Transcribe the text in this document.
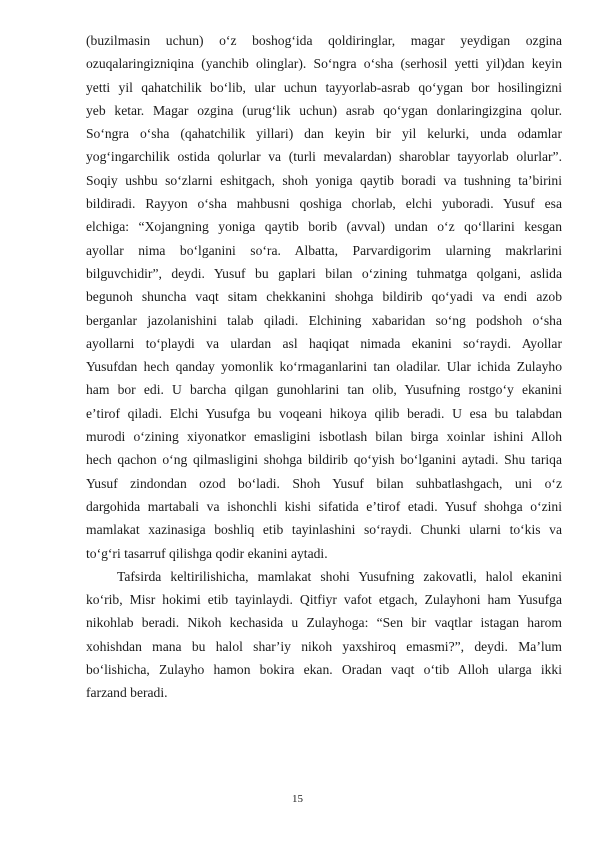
(buzilmasin uchun) oʻz boshogʻida qoldiringlar, magar yeydigan ozgina
ozuqalaringizniqina (yanchib olinglar). Soʻngra oʻsha (serhosil yetti yil)dan keyin
yetti yil qahatchilik boʻlib, ular uchun tayyorlab-asrab qoʻygan bor hosilingizni
yeb ketar. Magar ozgina (urugʻlik uchun) asrab qoʻygan donlaringizgina qolur.
Soʻngra oʻsha (qahatchilik yillari) dan keyin bir yil kelurki, unda odamlar
yogʻingarchilik ostida qolurlar va (turli mevalardan) sharoblar tayyorlab olurlar”.
Soqiy ushbu soʻzlarni eshitgach, shoh yoniga qaytib boradi va tushning taʼbirini
bildiradi. Rayyon oʻsha mahbusni qoshiga chorlab, elchi yuboradi. Yusuf esa
elchiga: “Xojangning yoniga qaytib borib (avval) undan oʻz qoʻllarini kesgan
ayollar nima boʻlganini soʻra. Albatta, Parvardigorim ularning makrlarini
bilguvchidir”, deydi. Yusuf bu gaplari bilan oʻzining tuhmatga qolgani, aslida
begunoh shuncha vaqt sitam chekkanini shohga bildirib qoʻyadi va endi azob
berganlar jazolanishini talab qiladi. Elchining xabaridan soʻng podshoh oʻsha
ayollarni toʻplaydi va ulardan asl haqiqat nimada ekanini soʻraydi. Ayollar
Yusufdan hech qanday yomonlik koʻrmaganlarini tan oladilar. Ular ichida Zulayho
ham bor edi. U barcha qilgan gunohlarini tan olib, Yusufning rostgoʻy ekanini
eʼtirof qiladi. Elchi Yusufga bu voqeani hikoya qilib beradi. U esa bu talabdan
murodi oʻzining xiyonatkor emasligini isbotlash bilan birga xoinlar ishini Alloh
hech qachon oʻng qilmasligini shohga bildirib qoʻyish boʻlganini aytadi. Shu tariqa
Yusuf zindondan ozod boʻladi. Shoh Yusuf bilan suhbatlashgach, uni oʻz
dargohida martabali va ishonchli kishi sifatida eʼtirof etadi. Yusuf shohga oʻzini
mamlakat xazinasiga boshliq etib tayinlashini soʻraydi. Chunki ularni toʻkis va
toʻgʻri tasarruf qilishga qodir ekanini aytadi.
Tafsirda keltirilishicha, mamlakat shohi Yusufning zakovatli, halol ekanini
koʻrib, Misr hokimi etib tayinlaydi. Qitfiyr vafot etgach, Zulayhoni ham Yusufga
nikohlab beradi. Nikoh kechasida u Zulayhoga: “Sen bir vaqtlar istagan harom
xohishdan mana bu halol sharʼiy nikoh yaxshiroq emasmi?”, deydi. Maʼlum
boʻlishicha, Zulayho hamon bokira ekan. Oradan vaqt oʻtib Alloh ularga ikki
farzand beradi.
15
